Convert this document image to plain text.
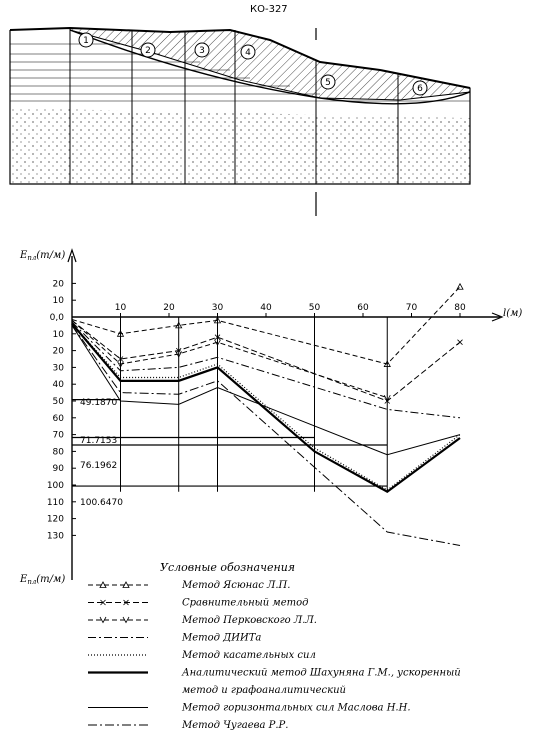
КО-327
1
2	3	4
5
6
$E_{пл}(т/м)$
$E_{пл}(т/м)$
l(м)
10	20	30	40	50	60	70	80
20
10
0,0
10
20
30
40
50
60
70
80
90
100
110
120
130
49.1870
71.7153
76.1962
100.6470
Условные обозначения
Метод Ясюнас Л.П.
Сравнительный метод
Метод Перковского Л.Л.
Метод ДИИТа
Метод касательных сил
Аналитический метод Шахуняна Г.М., ускоренный
метод и графоаналитический
Метод горизонтальных сил Маслова Н.Н.
Метод Чугаева Р.Р.
